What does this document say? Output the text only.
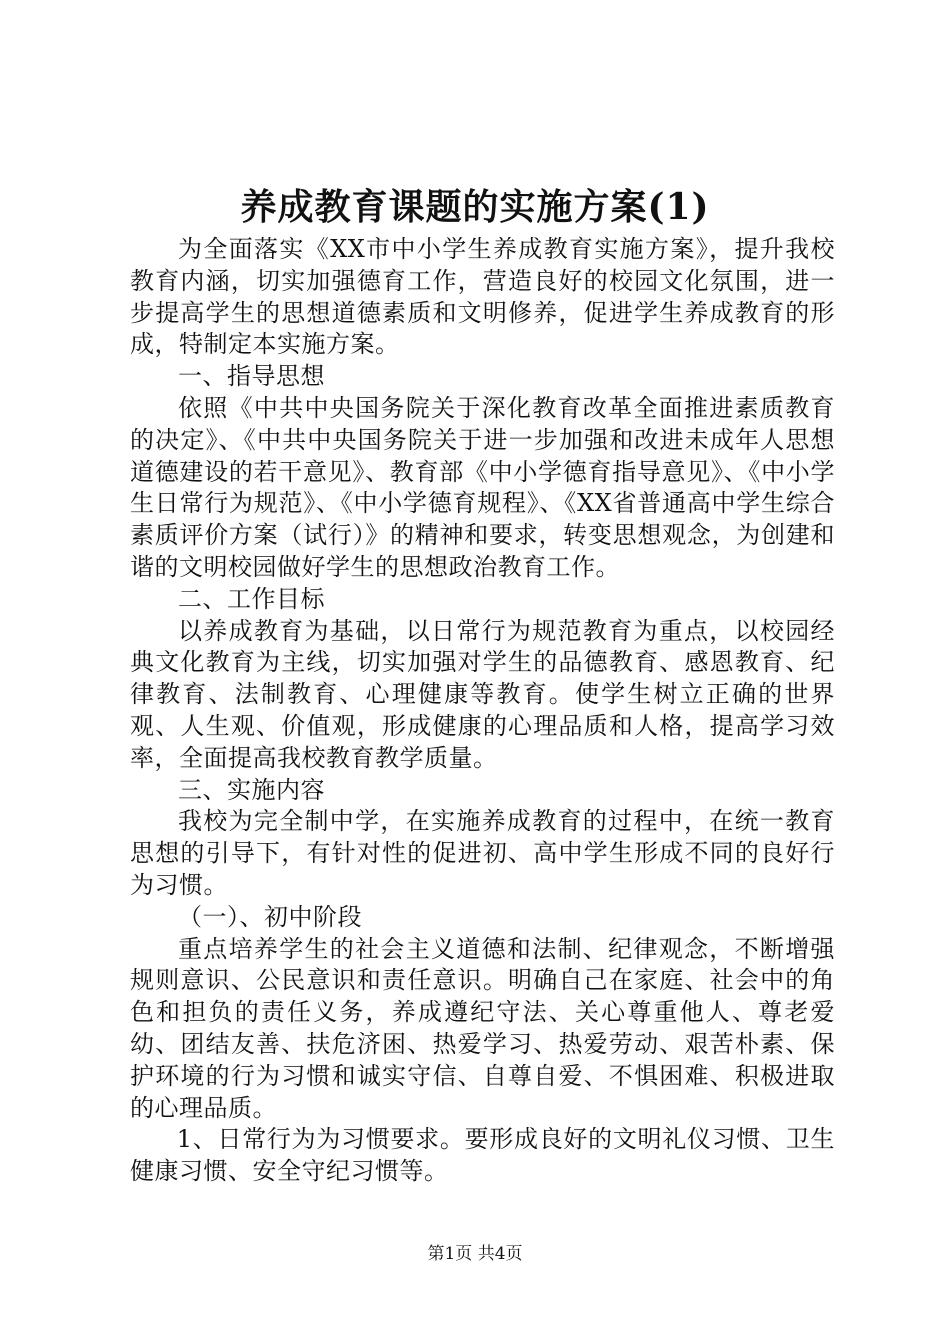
养成教育课题的实施方案(1)

为全面落实《XX市中小学生养成教育实施方案》，提升我校教育内涵，切实加强德育工作，营造良好的校园文化氛围，进一步提高学生的思想道德素质和文明修养，促进学生养成教育的形成，特制定本实施方案。

一、指导思想

依照《中共中央国务院关于深化教育改革全面推进素质教育的决定》、《中共中央国务院关于进一步加强和改进未成年人思想道德建设的若干意见》、教育部《中小学德育指导意见》、《中小学生日常行为规范》、《中小学德育规程》、《XX省普通高中学生综合素质评价方案（试行）》的精神和要求，转变思想观念，为创建和谐的文明校园做好学生的思想政治教育工作。

二、工作目标

以养成教育为基础，以日常行为规范教育为重点，以校园经典文化教育为主线，切实加强对学生的品德教育、感恩教育、纪律教育、法制教育、心理健康等教育。使学生树立正确的世界观、人生观、价值观，形成健康的心理品质和人格，提高学习效率，全面提高我校教育教学质量。

三、实施内容

我校为完全制中学，在实施养成教育的过程中，在统一教育思想的引导下，有针对性的促进初、高中学生形成不同的良好行为习惯。

（一）、初中阶段

重点培养学生的社会主义道德和法制、纪律观念，不断增强规则意识、公民意识和责任意识。明确自己在家庭、社会中的角色和担负的责任义务，养成遵纪守法、关心尊重他人、尊老爱幼、团结友善、扶危济困、热爱学习、热爱劳动、艰苦朴素、保护环境的行为习惯和诚实守信、自尊自爱、不惧困难、积极进取的心理品质。

1、日常行为为习惯要求。要形成良好的文明礼仪习惯、卫生健康习惯、安全守纪习惯等。

第1页 共4页
